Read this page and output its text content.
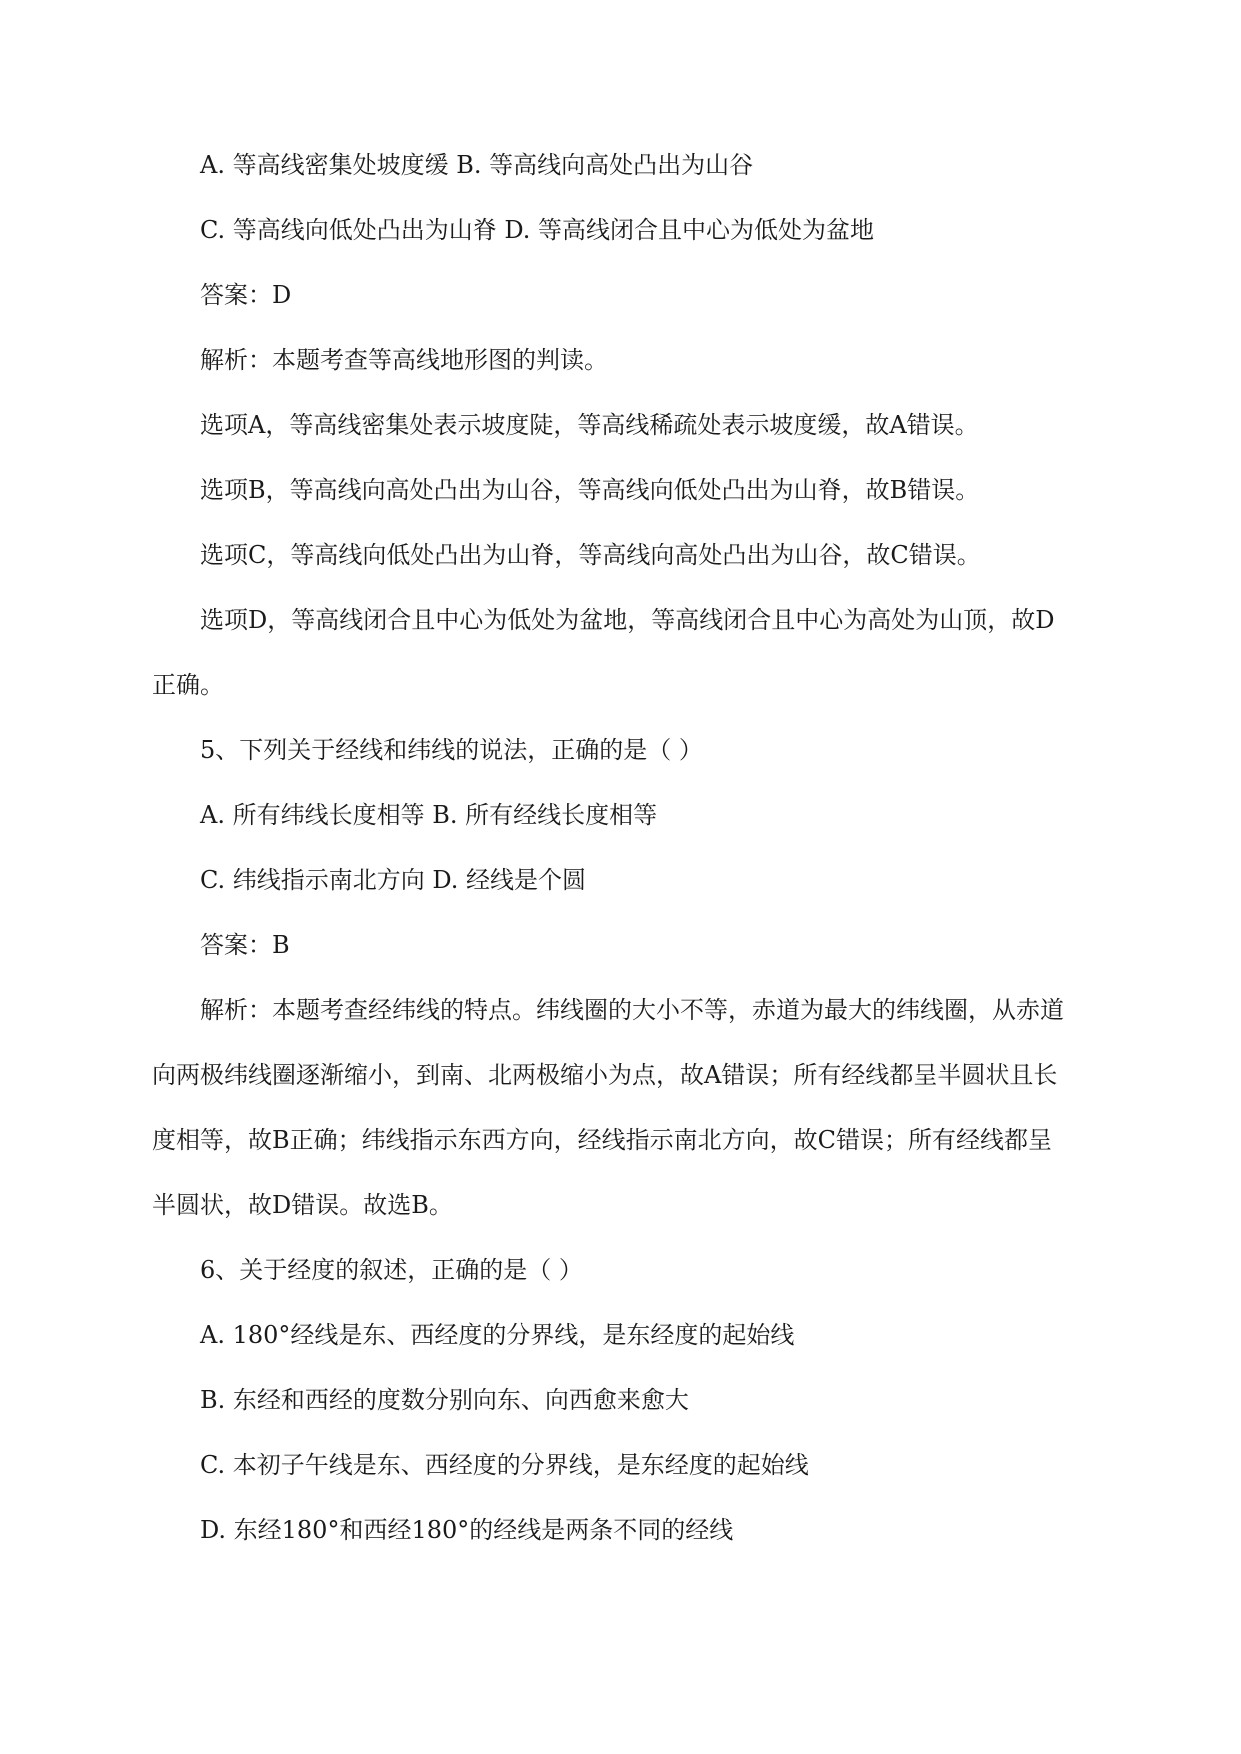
A. 等高线密集处坡度缓 B. 等高线向高处凸出为山谷
C. 等高线向低处凸出为山脊 D. 等高线闭合且中心为低处为盆地
答案：D
解析：本题考查等高线地形图的判读。
选项A，等高线密集处表示坡度陡，等高线稀疏处表示坡度缓，故A错误。
选项B，等高线向高处凸出为山谷，等高线向低处凸出为山脊，故B错误。
选项C，等高线向低处凸出为山脊，等高线向高处凸出为山谷，故C错误。
选项D，等高线闭合且中心为低处为盆地，等高线闭合且中心为高处为山顶，故D
正确。
5、下列关于经线和纬线的说法，正确的是（ ）
A. 所有纬线长度相等 B. 所有经线长度相等
C. 纬线指示南北方向 D. 经线是个圆
答案：B
解析：本题考查经纬线的特点。纬线圈的大小不等，赤道为最大的纬线圈，从赤道
向两极纬线圈逐渐缩小，到南、北两极缩小为点，故A错误；所有经线都呈半圆状且长
度相等，故B正确；纬线指示东西方向，经线指示南北方向，故C错误；所有经线都呈
半圆状，故D错误。故选B。
6、关于经度的叙述，正确的是（ ）
A. 180°经线是东、西经度的分界线，是东经度的起始线
B. 东经和西经的度数分别向东、向西愈来愈大
C. 本初子午线是东、西经度的分界线，是东经度的起始线
D. 东经180°和西经180°的经线是两条不同的经线
